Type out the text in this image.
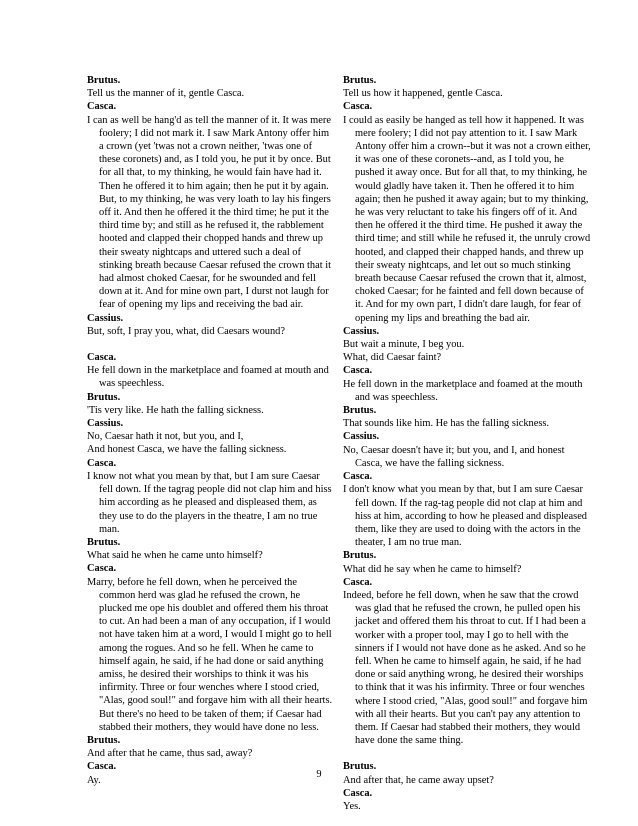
Brutus.
Tell us the manner of it, gentle Casca.
Casca.
I can as well be hang'd as tell the manner of it. It was mere foolery; I did not mark it. I saw Mark Antony offer him a crown (yet 'twas not a crown neither, 'twas one of these coronets) and, as I told you, he put it by once. But for all that, to my thinking, he would fain have had it. Then he offered it to him again; then he put it by again. But, to my thinking, he was very loath to lay his fingers off it. And then he offered it the third time; he put it the third time by; and still as he refused it, the rabblement hooted and clapped their chopped hands and threw up their sweaty nightcaps and uttered such a deal of stinking breath because Caesar refused the crown that it had almost choked Caesar, for he swounded and fell down at it. And for mine own part, I durst not laugh for fear of opening my lips and receiving the bad air.
Cassius.
But, soft, I pray you, what, did Caesars wound?
Casca.
He fell down in the marketplace and foamed at mouth and was speechless.
Brutus.
'Tis very like. He hath the falling sickness.
Cassius.
No, Caesar hath it not, but you, and I,
And honest Casca, we have the falling sickness.
Casca.
I know not what you mean by that, but I am sure Caesar fell down. If the tagrag people did not clap him and hiss him according as he pleased and displeased them, as they use to do the players in the theatre, I am no true man.
Brutus.
What said he when he came unto himself?
Casca.
Marry, before he fell down, when he perceived the common herd was glad he refused the crown, he plucked me ope his doublet and offered them his throat to cut. An had been a man of any occupation, if I would not have taken him at a word, I would I might go to hell among the rogues. And so he fell. When he came to himself again, he said, if he had done or said anything amiss, he desired their worships to think it was his infirmity. Three or four wenches where I stood cried, "Alas, good soul!" and forgave him with all their hearts. But there's no heed to be taken of them; if Caesar had stabbed their mothers, they would have done no less.
Brutus.
And after that he came, thus sad, away?
Casca.
Ay.
Brutus.
Tell us how it happened, gentle Casca.
Casca.
I could as easily be hanged as tell how it happened. It was mere foolery; I did not pay attention to it. I saw Mark Antony offer him a crown--but it was not a crown either, it was one of these coronets--and, as I told you, he pushed it away once. But for all that, to my thinking, he would gladly have taken it. Then he offered it to him again; then he pushed it away again; but to my thinking, he was very reluctant to take his fingers off of it. And then he offered it the third time. He pushed it away the third time; and still while he refused it, the unruly crowd hooted, and clapped their chapped hands, and threw up their sweaty nightcaps, and let out so much stinking breath because Caesar refused the crown that it, almost, choked Caesar; for he fainted and fell down because of it. And for my own part, I didn't dare laugh, for fear of opening my lips and breathing the bad air.
Cassius.
But wait a minute, I beg you.
What, did Caesar faint?
Casca.
He fell down in the marketplace and foamed at the mouth and was speechless.
Brutus.
That sounds like him. He has the falling sickness.
Cassius.
No, Caesar doesn't have it; but you, and I, and honest Casca, we have the falling sickness.
Casca.
I don't know what you mean by that, but I am sure Caesar fell down. If the rag-tag people did not clap at him and hiss at him, according to how he pleased and displeased them, like they are used to doing with the actors in the theater, I am no true man.
Brutus.
What did he say when he came to himself?
Casca.
Indeed, before he fell down, when he saw that the crowd was glad that he refused the crown, he pulled open his jacket and offered them his throat to cut. If I had been a worker with a proper tool, may I go to hell with the sinners if I would not have done as he asked. And so he fell. When he came to himself again, he said, if he had done or said anything wrong, he desired their worships to think that it was his infirmity. Three or four wenches where I stood cried, "Alas, good soul!" and forgave him with all their hearts. But you can't pay any attention to them. If Caesar had stabbed their mothers, they would have done the same thing.
Brutus.
And after that, he came away upset?
Casca.
Yes.
9
